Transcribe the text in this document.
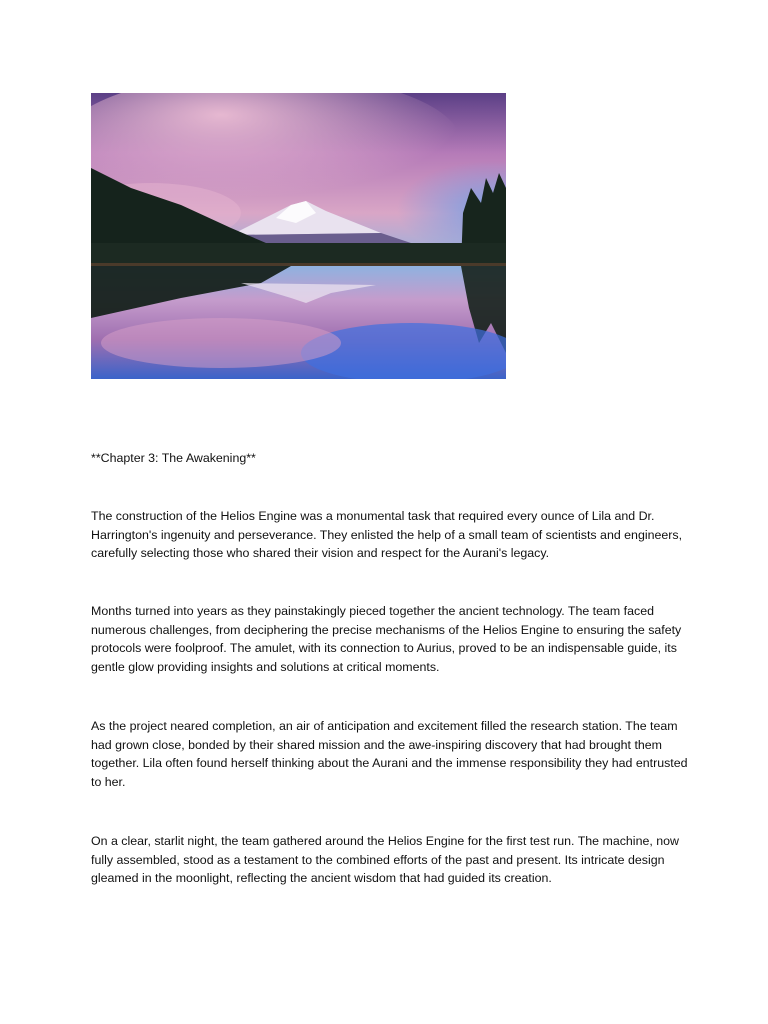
**Chapter 3: The Awakening**

The construction of the Helios Engine was a monumental task that required every ounce of Lila and Dr. Harrington's ingenuity and perseverance. They enlisted the help of a small team of scientists and engineers, carefully selecting those who shared their vision and respect for the Aurani's legacy.

Months turned into years as they painstakingly pieced together the ancient technology. The team faced numerous challenges, from deciphering the precise mechanisms of the Helios Engine to ensuring the safety protocols were foolproof. The amulet, with its connection to Aurius, proved to be an indispensable guide, its gentle glow providing insights and solutions at critical moments.

As the project neared completion, an air of anticipation and excitement filled the research station. The team had grown close, bonded by their shared mission and the awe-inspiring discovery that had brought them together. Lila often found herself thinking about the Aurani and the immense responsibility they had entrusted to her.

On a clear, starlit night, the team gathered around the Helios Engine for the first test run. The machine, now fully assembled, stood as a testament to the combined efforts of the past and present. Its intricate design gleamed in the moonlight, reflecting the ancient wisdom that had guided its creation.
